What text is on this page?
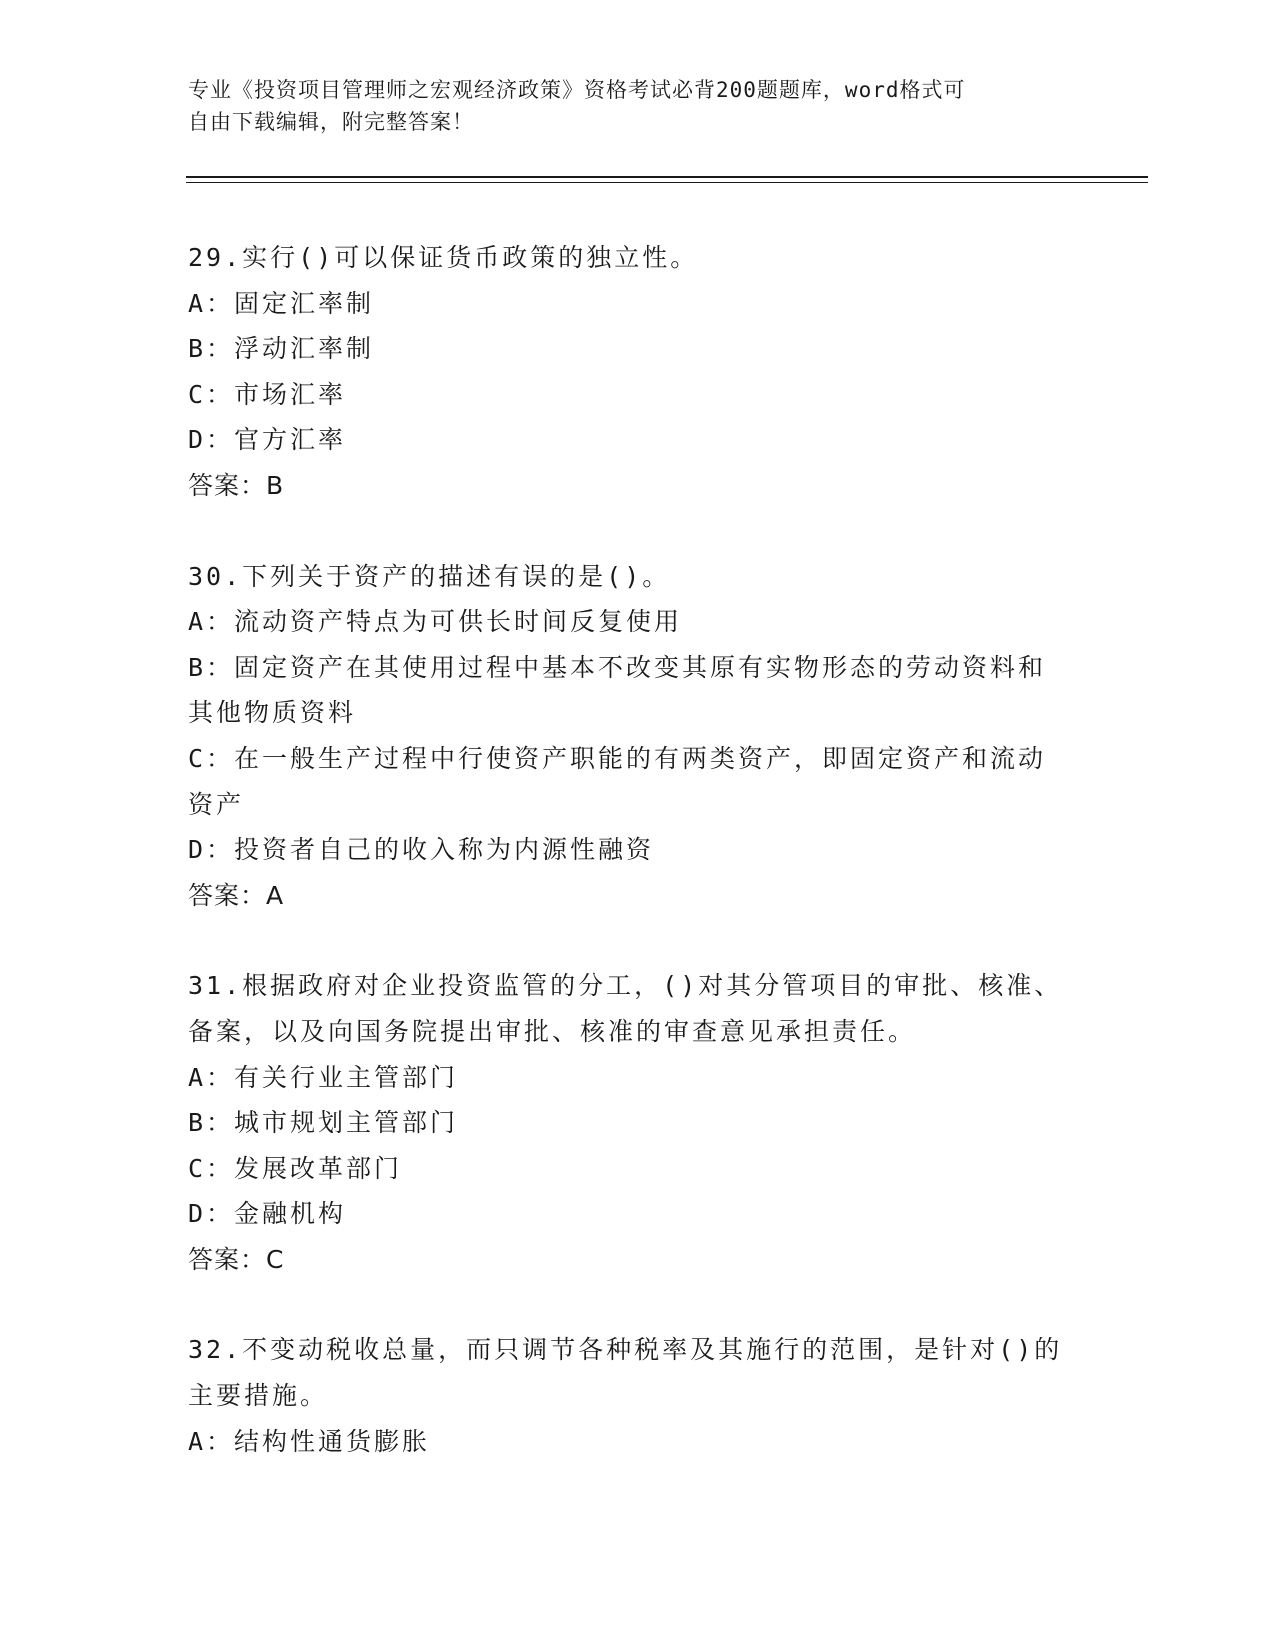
专业《投资项目管理师之宏观经济政策》资格考试必背200题题库，word格式可
自由下载编辑，附完整答案！
29.实行()可以保证货币政策的独立性。
A：固定汇率制
B：浮动汇率制
C：市场汇率
D：官方汇率
答案：B
30.下列关于资产的描述有误的是()。
A：流动资产特点为可供长时间反复使用
B：固定资产在其使用过程中基本不改变其原有实物形态的劳动资料和
其他物质资料
C：在一般生产过程中行使资产职能的有两类资产，即固定资产和流动
资产
D：投资者自己的收入称为内源性融资
答案：A
31.根据政府对企业投资监管的分工，()对其分管项目的审批、核准、
备案，以及向国务院提出审批、核准的审查意见承担责任。
A：有关行业主管部门
B：城市规划主管部门
C：发展改革部门
D：金融机构
答案：C
32.不变动税收总量，而只调节各种税率及其施行的范围，是针对()的
主要措施。
A：结构性通货膨胀
